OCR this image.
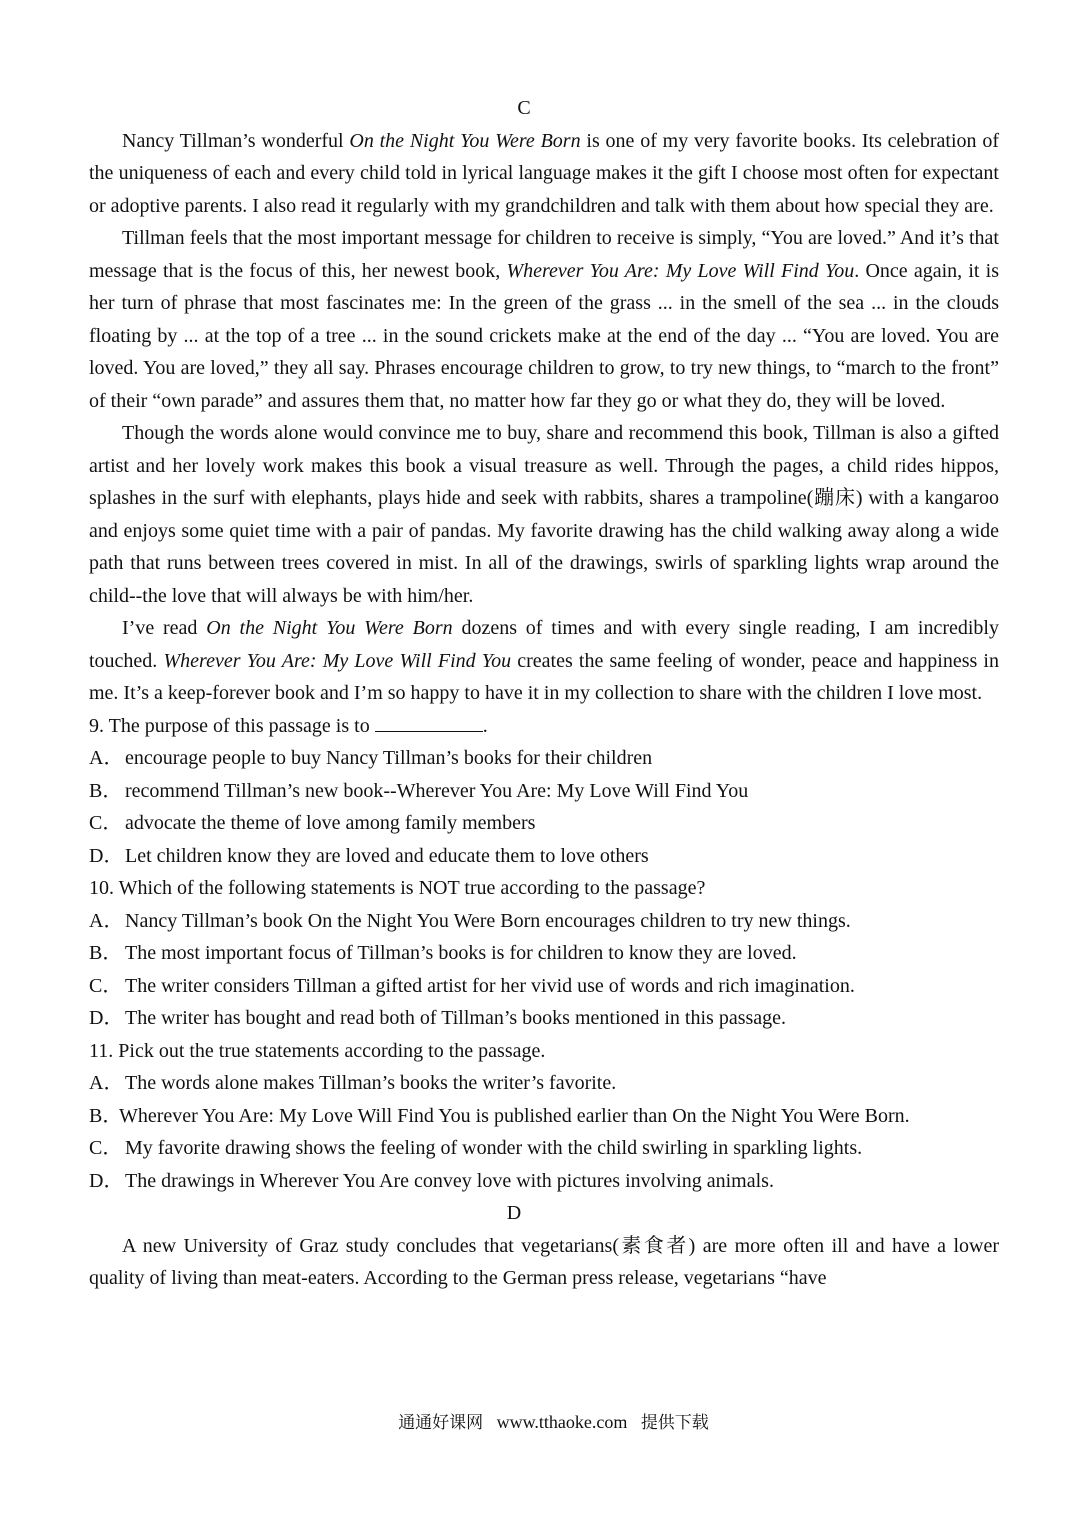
C

Nancy Tillman’s wonderful On the Night You Were Born is one of my very favorite books. Its celebration of the uniqueness of each and every child told in lyrical language makes it the gift I choose most often for expectant or adoptive parents. I also read it regularly with my grandchildren and talk with them about how special they are.

Tillman feels that the most important message for children to receive is simply, “You are loved.” And it’s that message that is the focus of this, her newest book, Wherever You Are: My Love Will Find You. Once again, it is her turn of phrase that most fascinates me: In the green of the grass ... in the smell of the sea ... in the clouds floating by ... at the top of a tree ... in the sound crickets make at the end of the day ... “You are loved. You are loved. You are loved,” they all say. Phrases encourage children to grow, to try new things, to “march to the front” of their “own parade” and assures them that, no matter how far they go or what they do, they will be loved.

Though the words alone would convince me to buy, share and recommend this book, Tillman is also a gifted artist and her lovely work makes this book a visual treasure as well. Through the pages, a child rides hippos, splashes in the surf with elephants, plays hide and seek with rabbits, shares a trampoline(蹦床) with a kangaroo and enjoys some quiet time with a pair of pandas. My favorite drawing has the child walking away along a wide path that runs between trees covered in mist. In all of the drawings, swirls of sparkling lights wrap around the child--the love that will always be with him/her.

I’ve read On the Night You Were Born dozens of times and with every single reading, I am incredibly touched. Wherever You Are: My Love Will Find You creates the same feeling of wonder, peace and happiness in me. It’s a keep-forever book and I’m so happy to have it in my collection to share with the children I love most.

9. The purpose of this passage is to	.

A．encourage people to buy Nancy Tillman’s books for their children

B． recommend Tillman’s new book--Wherever You Are: My Love Will Find You

C． advocate the theme of love among family members

D．Let children know they are loved and educate them to love others

10. Which of the following statements is NOT true according to the passage?

A．Nancy Tillman’s book On the Night You Were Born encourages children to try new things.

B． The most important focus of Tillman’s books is for children to know they are loved.

C． The writer considers Tillman a gifted artist for her vivid use of words and rich imagination.

D．The writer has bought and read both of Tillman’s books mentioned in this passage.

11. Pick out the true statements according to the passage.

A．The words alone makes Tillman’s books the writer’s favorite.

B．Wherever You Are: My Love Will Find You is published earlier than On the Night You Were Born.

C． My favorite drawing shows the feeling of wonder with the child swirling in sparkling lights.

D．The drawings in Wherever You Are convey love with pictures involving animals.

D

A new University of Graz study concludes that vegetarians(素食者) are more often ill and have a lower quality of living than meat-eaters. According to the German press release, vegetarians “have

通通好课网 www.tthaoke.com 提供下载
